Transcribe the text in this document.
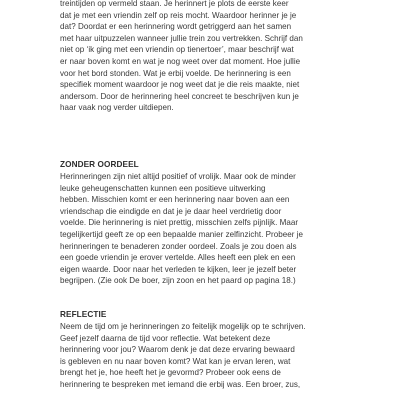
treintijden op vermeld staan. Je herinnert je plots de eerste keer
dat je met een vriendin zelf op reis mocht. Waardoor herinner je je
dat? Doordat er een herinnering wordt getriggerd aan het samen
met haar uitpuzzelen wanneer jullie trein zou vertrekken. Schrijf dan
niet op ‘ik ging met een vriendin op tienertoer’, maar beschrijf wat
er naar boven komt en wat je nog weet over dat moment. Hoe jullie
voor het bord stonden. Wat je erbij voelde. De herinnering is een
specifiek moment waardoor je nog weet dat je die reis maakte, niet
andersom. Door de herinnering heel concreet te beschrijven kun je
haar vaak nog verder uitdiepen.

ZONDER OORDEEL

Herinneringen zijn niet altijd positief of vrolijk. Maar ook de minder
leuke geheugenschatten kunnen een positieve uitwerking
hebben. Misschien komt er een herinnering naar boven aan een
vriendschap die eindigde en dat je je daar heel verdrietig door
voelde. Die herinnering is niet prettig, misschien zelfs pijnlijk. Maar
tegelijkertijd geeft ze op een bepaalde manier zelfinzicht. Probeer je
herinneringen te benaderen zonder oordeel. Zoals je zou doen als
een goede vriendin je erover vertelde. Alles heeft een plek en een
eigen waarde. Door naar het verleden te kijken, leer je jezelf beter
begrijpen. (Zie ook De boer, zijn zoon en het paard op pagina 18.)

REFLECTIE

Neem de tijd om je herinneringen zo feitelijk mogelijk op te schrijven.
Geef jezelf daarna de tijd voor reflectie. Wat betekent deze
herinnering voor jou? Waarom denk je dat deze ervaring bewaard
is gebleven en nu naar boven komt? Wat kan je ervan leren, wat
brengt het je, hoe heeft het je gevormd? Probeer ook eens de
herinnering te bespreken met iemand die erbij was. Een broer, zus,
